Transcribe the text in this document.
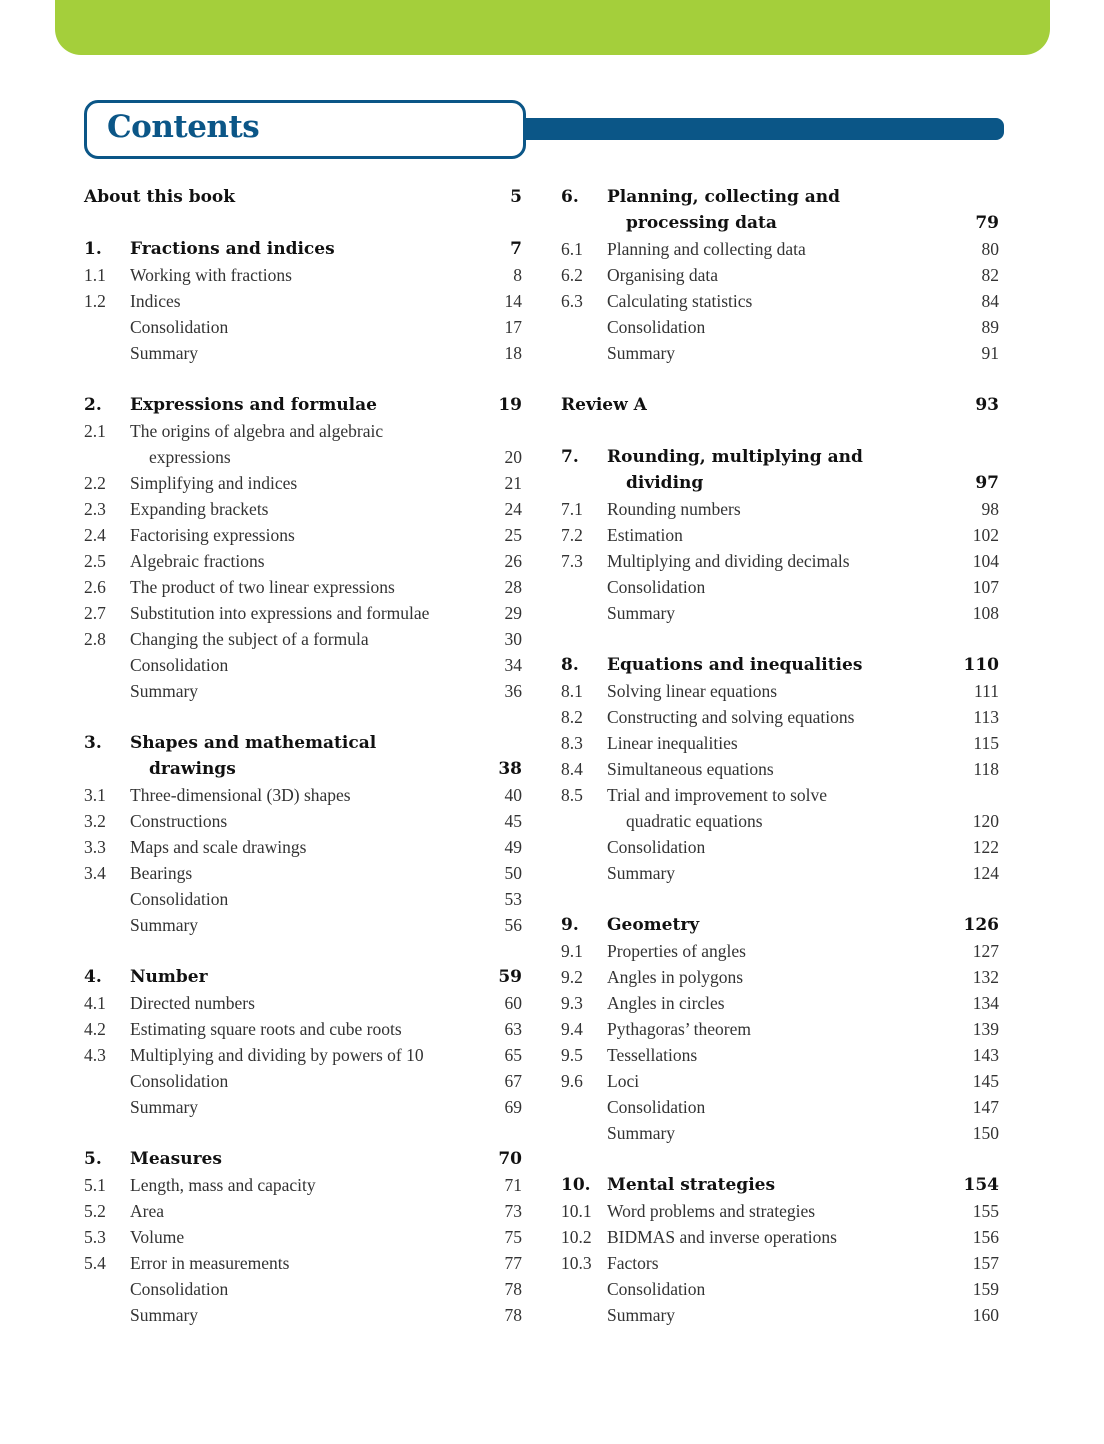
Contents
About this book	5
1. Fractions and indices	7
1.1 Working with fractions	8
1.2 Indices	14
Consolidation	17
Summary	18
2. Expressions and formulae	19
2.1 The origins of algebra and algebraic
expressions	20
2.2 Simplifying and indices	21
2.3 Expanding brackets	24
2.4 Factorising expressions	25
2.5 Algebraic fractions	26
2.6 The product of two linear expressions	28
2.7 Substitution into expressions and formulae	29
2.8 Changing the subject of a formula	30
Consolidation	34
Summary	36
3. Shapes and mathematical
drawings	38
3.1 Three-dimensional (3D) shapes	40
3.2 Constructions	45
3.3 Maps and scale drawings	49
3.4 Bearings	50
Consolidation	53
Summary	56
4. Number	59
4.1 Directed numbers	60
4.2 Estimating square roots and cube roots	63
4.3 Multiplying and dividing by powers of 10	65
Consolidation	67
Summary	69
5. Measures	70
5.1 Length, mass and capacity	71
5.2 Area	73
5.3 Volume	75
5.4 Error in measurements	77
Consolidation	78
Summary	78
6. Planning, collecting and
processing data	79
6.1 Planning and collecting data	80
6.2 Organising data	82
6.3 Calculating statistics	84
Consolidation	89
Summary	91
Review A	93
7. Rounding, multiplying and
dividing	97
7.1 Rounding numbers	98
7.2 Estimation	102
7.3 Multiplying and dividing decimals	104
Consolidation	107
Summary	108
8. Equations and inequalities	110
8.1 Solving linear equations	111
8.2 Constructing and solving equations	113
8.3 Linear inequalities	115
8.4 Simultaneous equations	118
8.5 Trial and improvement to solve
quadratic equations	120
Consolidation	122
Summary	124
9. Geometry	126
9.1 Properties of angles	127
9.2 Angles in polygons	132
9.3 Angles in circles	134
9.4 Pythagoras’ theorem	139
9.5 Tessellations	143
9.6 Loci	145
Consolidation	147
Summary	150
10. Mental strategies	154
10.1 Word problems and strategies	155
10.2 BIDMAS and inverse operations	156
10.3 Factors	157
Consolidation	159
Summary	160
